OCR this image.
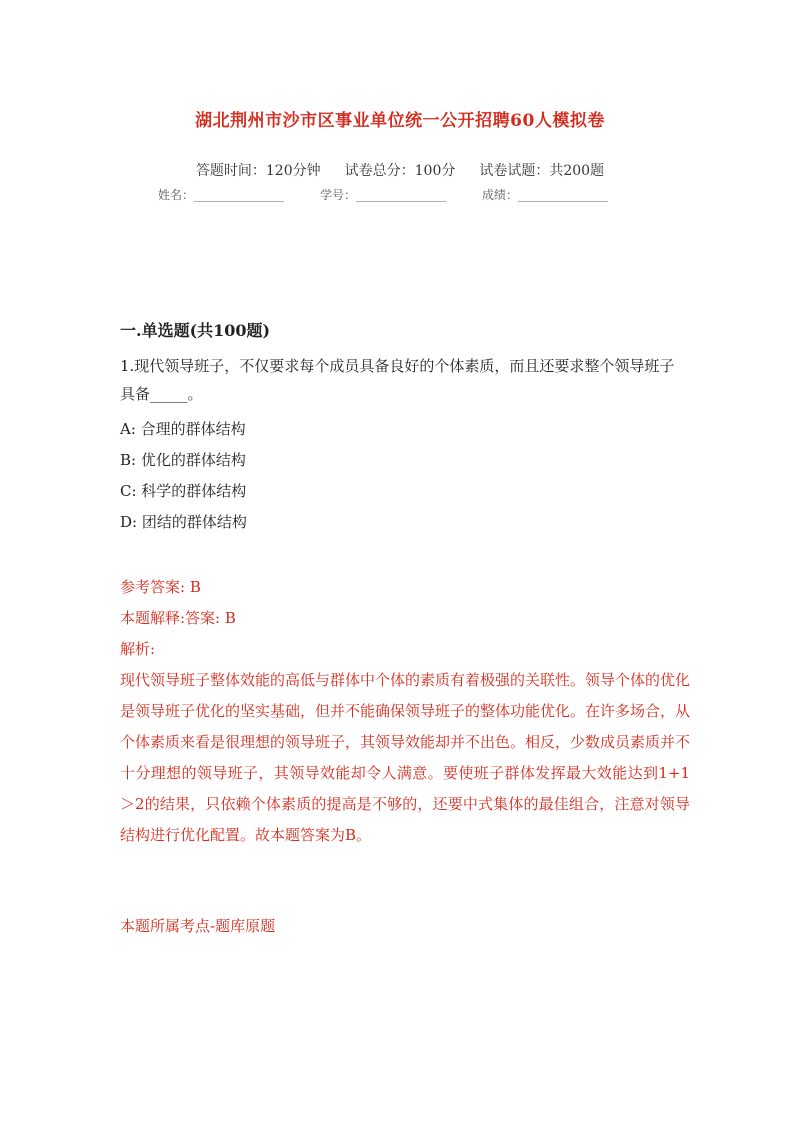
湖北荆州市沙市区事业单位统一公开招聘60人模拟卷
答题时间：120分钟 试卷总分：100分 试卷试题：共200题
姓名：_______________	学号：_______________	成绩：_______________
一.单选题(共100题)
1.现代领导班子，不仅要求每个成员具备良好的个体素质，而且还要求整个领导班子具备_____。
A: 合理的群体结构
B: 优化的群体结构
C: 科学的群体结构
D: 团结的群体结构
参考答案: B
本题解释:答案: B
解析:
现代领导班子整体效能的高低与群体中个体的素质有着极强的关联性。领导个体的优化是领导班子优化的坚实基础，但并不能确保领导班子的整体功能优化。在许多场合，从个体素质来看是很理想的领导班子，其领导效能却并不出色。相反，少数成员素质并不十分理想的领导班子，其领导效能却令人满意。要使班子群体发挥最大效能达到1+1＞2的结果，只依赖个体素质的提高是不够的，还要中式集体的最佳组合，注意对领导结构进行优化配置。故本题答案为B。
本题所属考点-题库原题
